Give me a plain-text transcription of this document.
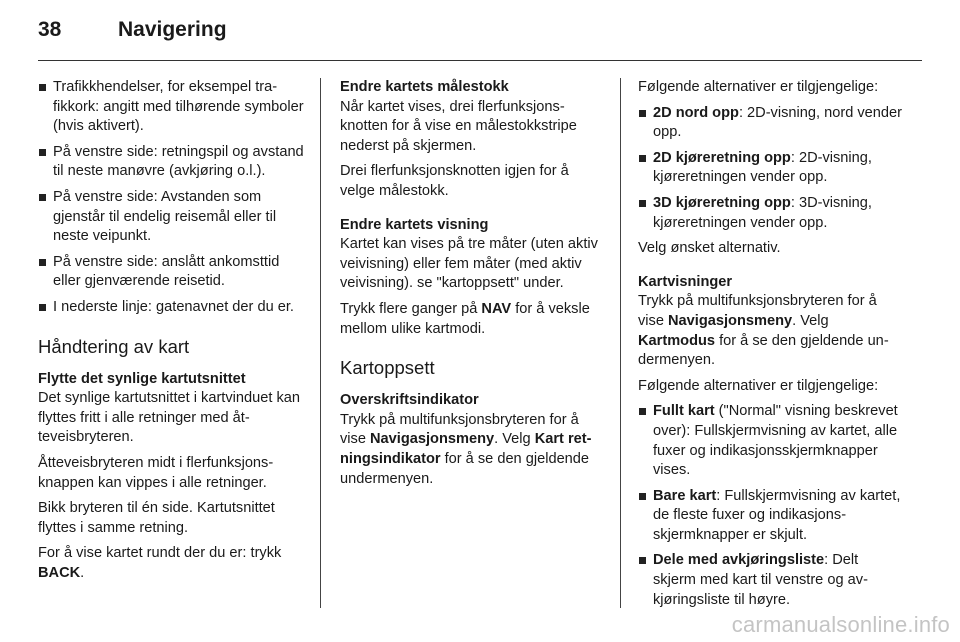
38	Navigering
Trafikkhendelser, for eksempel trafikkork: angitt med tilhørende symboler (hvis aktivert).
På venstre side: retningspil og avstand til neste manøvre (avkjøring o.l.).
På venstre side: Avstanden som gjenstår til endelig reisemål eller til neste veipunkt.
På venstre side: anslått ankomsttid eller gjenværende reisetid.
I nederste linje: gatenavnet der du er.
Håndtering av kart
Flytte det synlige kartutsnittet

Det synlige kartutsnittet i kartvinduet kan flyttes fritt i alle retninger med åtteveisbryteren.

Åtteveisbryteren midt i flerfunksjonsknappen kan vippes i alle retninger.

Bikk bryteren til én side. Kartutsnittet flyttes i samme retning.

For å vise kartet rundt der du er: trykk BACK.

Endre kartets målestokk

Når kartet vises, drei flerfunksjonsknotten for å vise en målestokkstripe nederst på skjermen.

Drei flerfunksjonsknotten igjen for å velge målestokk.

Endre kartets visning

Kartet kan vises på tre måter (uten aktiv veivisning) eller fem måter (med aktiv veivisning). se "kartoppsett" under.

Trykk flere ganger på NAV for å veksle mellom ulike kartmodi.

Kartoppsett
Overskriftsindikator

Trykk på multifunksjonsbryteren for å vise Navigasjonsmeny. Velg Kart retningsindikator for å se den gjeldende undermenyen.

Følgende alternativer er tilgjengelige:

2D nord opp: 2D-visning, nord vender opp.
2D kjøreretning opp: 2D-visning, kjøreretningen vender opp.
3D kjøreretning opp: 3D-visning, kjøreretningen vender opp.

Velg ønsket alternativ.

Kartvisninger

Trykk på multifunksjonsbryteren for å vise Navigasjonsmeny. Velg Kartmodus for å se den gjeldende undermenyen.

Følgende alternativer er tilgjengelige:

Fullt kart ("Normal" visning beskrevet over): Fullskjermvisning av kartet, alle fuxer og indikasjonsskjermknapper vises.
Bare kart: Fullskjermvisning av kartet, de fleste fuxer og indikasjonsskjermknapper er skjult.
Dele med avkjøringsliste: Delt skjerm med kart til venstre og avkjøringsliste til høyre.
carmanualsonline.info
